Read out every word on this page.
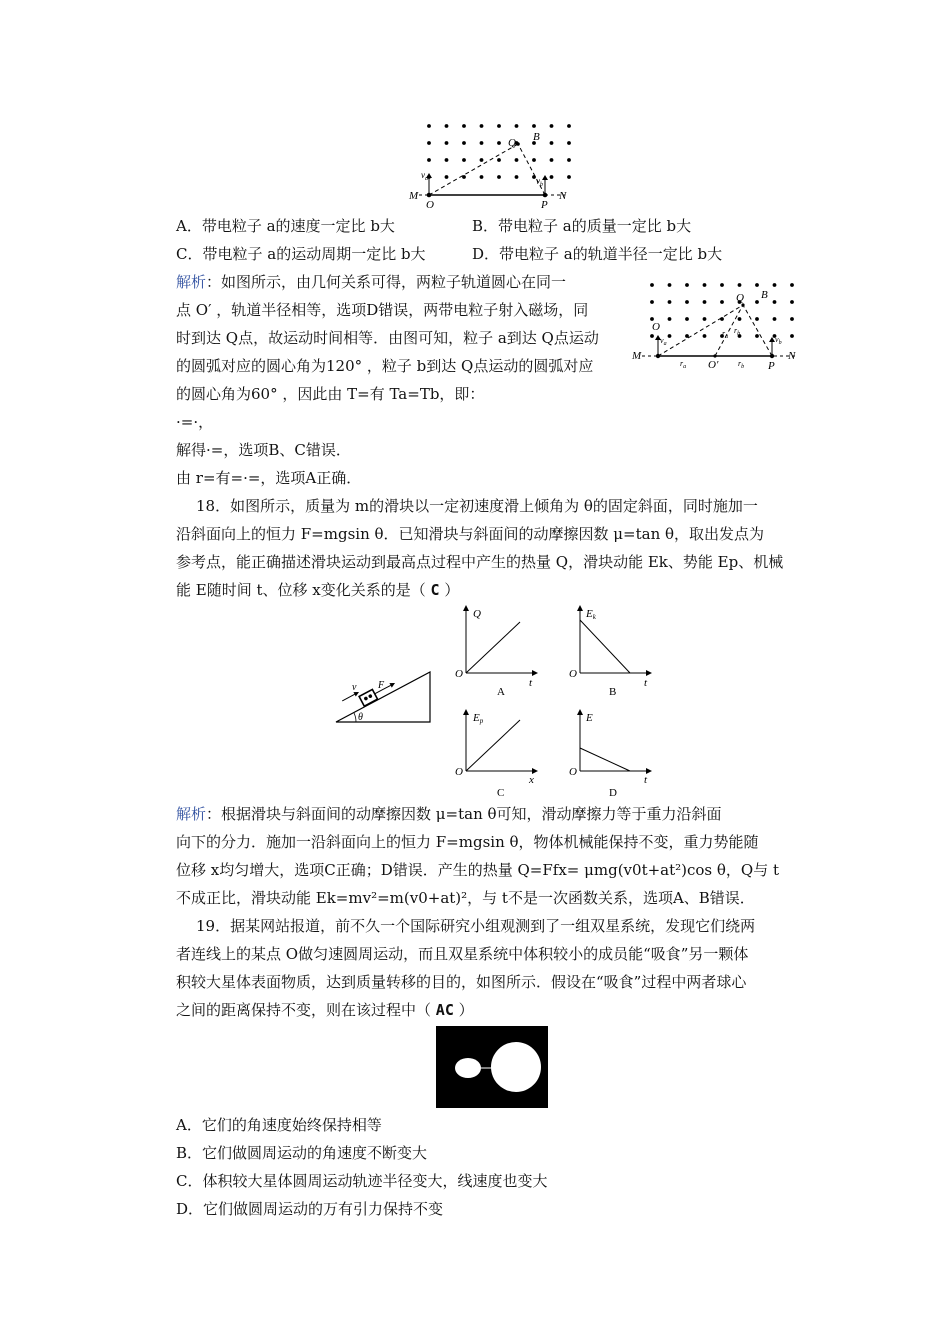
Q B
M	N
O	P
$v_a$	$v_b$
A．带电粒子 a的速度一定比 b大	B．带电粒子 a的质量一定比 b大
C．带电粒子 a的运动周期一定比 b大	D．带电粒子 a的轨道半径一定比 b大
解析：如图所示，由几何关系可得，两粒子轨道圆心在同一
点 O′ ，轨道半径相等，选项D错误，两带电粒子射入磁场，同
时到达 Q点，故运动时间相等．由图可知，粒子 a到达 Q点运动
的圆弧对应的圆心角为120° ，粒子 b到达 Q点运动的圆弧对应
的圆心角为60° ，因此由 T=有 Ta=Tb，即：
·=·，
解得·=，选项B、C错误．
由 r=有=·=，选项A正确．
Q B
O
O′
M	N
P
$v_a$	$v_b$
$r_a$
$r_b$
$r_a$	$r_b$
18．如图所示，质量为 m的滑块以一定初速度滑上倾角为 θ的固定斜面，同时施加一
沿斜面向上的恒力 F=mgsin θ．已知滑块与斜面间的动摩擦因数 μ=tan θ，取出发点为
参考点，能正确描述滑块运动到最高点过程中产生的热量 Q，滑块动能 Ek、势能 Ep、机械
能 E随时间 t、位移 x变化关系的是（ C ）
v F
θ
Q
t
O
A
Ek
t
O
B
Ep
x
O
C
E
t
O
D
解析：根据滑块与斜面间的动摩擦因数 μ=tan θ可知，滑动摩擦力等于重力沿斜面
向下的分力．施加一沿斜面向上的恒力 F=mgsin θ，物体机械能保持不变，重力势能随
位移 x均匀增大，选项C正确；D错误．产生的热量 Q=Ffx= μmg(v0t+at²)cos θ，Q与 t
不成正比，滑块动能 Ek=mv²=m(v0+at)²，与 t不是一次函数关系，选项A、B错误．
19．据某网站报道，前不久一个国际研究小组观测到了一组双星系统，发现它们绕两
者连线上的某点 O做匀速圆周运动，而且双星系统中体积较小的成员能“吸食”另一颗体
积较大星体表面物质，达到质量转移的目的，如图所示．假设在“吸食”过程中两者球心
之间的距离保持不变，则在该过程中（ AC ）
A．它们的角速度始终保持相等
B．它们做圆周运动的角速度不断变大
C．体积较大星体圆周运动轨迹半径变大，线速度也变大
D．它们做圆周运动的万有引力保持不变
